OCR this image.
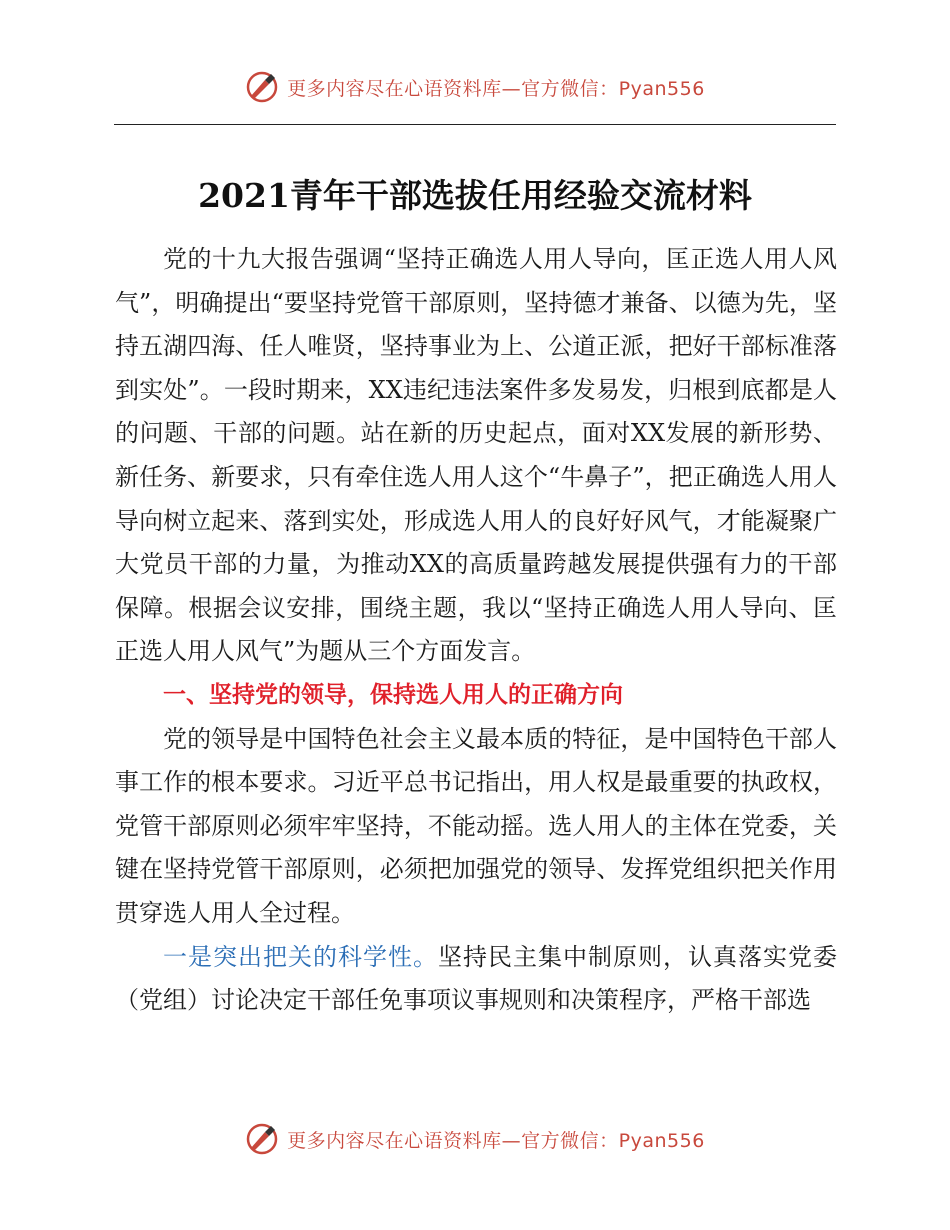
更多内容尽在心语资料库—官方微信：Pyan556
2021青年干部选拔任用经验交流材料

党的十九大报告强调“坚持正确选人用人导向，匡正选人用人风气”，明确提出“要坚持党管干部原则，坚持德才兼备、以德为先，坚持五湖四海、任人唯贤，坚持事业为上、公道正派，把好干部标准落到实处”。一段时期来，XX违纪违法案件多发易发，归根到底都是人的问题、干部的问题。站在新的历史起点，面对XX发展的新形势、新任务、新要求，只有牵住选人用人这个“牛鼻子”，把正确选人用人导向树立起来、落到实处，形成选人用人的良好好风气，才能凝聚广大党员干部的力量，为推动XX的高质量跨越发展提供强有力的干部保障。根据会议安排，围绕主题，我以“坚持正确选人用人导向、匡正选人用人风气”为题从三个方面发言。

一、坚持党的领导，保持选人用人的正确方向

党的领导是中国特色社会主义最本质的特征，是中国特色干部人事工作的根本要求。习近平总书记指出，用人权是最重要的执政权，党管干部原则必须牢牢坚持，不能动摇。选人用人的主体在党委，关键在坚持党管干部原则，必须把加强党的领导、发挥党组织把关作用贯穿选人用人全过程。

一是突出把关的科学性。坚持民主集中制原则，认真落实党委（党组）讨论决定干部任免事项议事规则和决策程序，严格干部选

更多内容尽在心语资料库—官方微信：Pyan556
